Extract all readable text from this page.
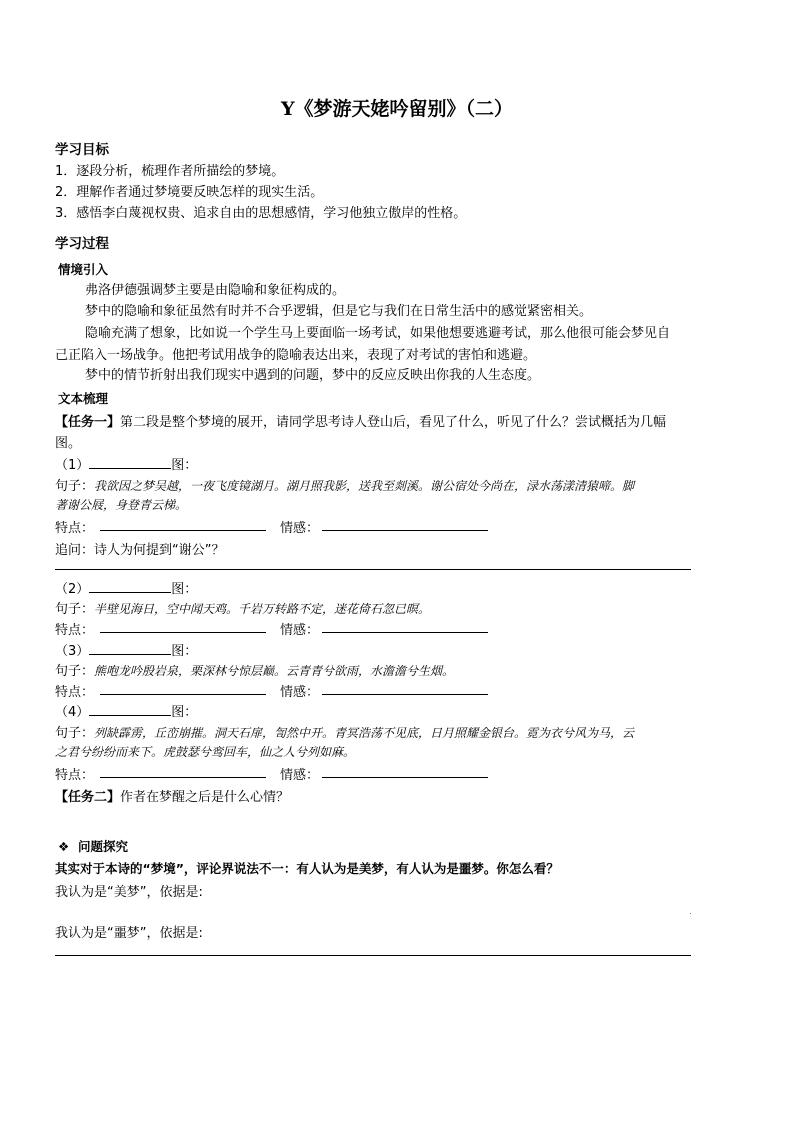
Y《梦游天姥吟留别》（二）
学习目标
1．逐段分析，梳理作者所描绘的梦境。
2．理解作者通过梦境要反映怎样的现实生活。
3．感悟李白蔑视权贵、追求自由的思想感情，学习他独立傲岸的性格。
学习过程
情境引入
弗洛伊德强调梦主要是由隐喻和象征构成的。
梦中的隐喻和象征虽然有时并不合乎逻辑，但是它与我们在日常生活中的感觉紧密相关。
隐喻充满了想象，比如说一个学生马上要面临一场考试，如果他想要逃避考试，那么他很可能会梦见自
己正陷入一场战争。他把考试用战争的隐喻表达出来，表现了对考试的害怕和逃避。
梦中的情节折射出我们现实中遇到的问题，梦中的反应反映出你我的人生态度。
文本梳理
【任务一】第二段是整个梦境的展开，请同学思考诗人登山后，看见了什么，听见了什么？尝试概括为几幅
图。
（1）	图：
句子：我欲因之梦吴越，一夜飞度镜湖月。湖月照我影，送我至剡溪。谢公宿处今尚在，渌水荡漾清猿啼。脚
著谢公屐，身登青云梯。
特点：	情感：
追问：诗人为何提到“谢公”？
（2）	图：
句子：半壁见海日，空中闻天鸡。千岩万转路不定，迷花倚石忽已暝。
特点：	情感：
（3）	图：
句子：熊咆龙吟殷岩泉，栗深林兮惊层巅。云青青兮欲雨，水澹澹兮生烟。
特点：	情感：
（4）	图：
句子：列缺霹雳，丘峦崩摧。洞天石扉，訇然中开。青冥浩荡不见底，日月照耀金银台。霓为衣兮风为马，云
之君兮纷纷而来下。虎鼓瑟兮鸾回车，仙之人兮列如麻。
特点：	情感：
【任务二】作者在梦醒之后是什么心情？
❖ 问题探究
其实对于本诗的“梦境”，评论界说法不一：有人认为是美梦，有人认为是噩梦。你怎么看？
我认为是“美梦”，依据是:
我认为是“噩梦”，依据是:
